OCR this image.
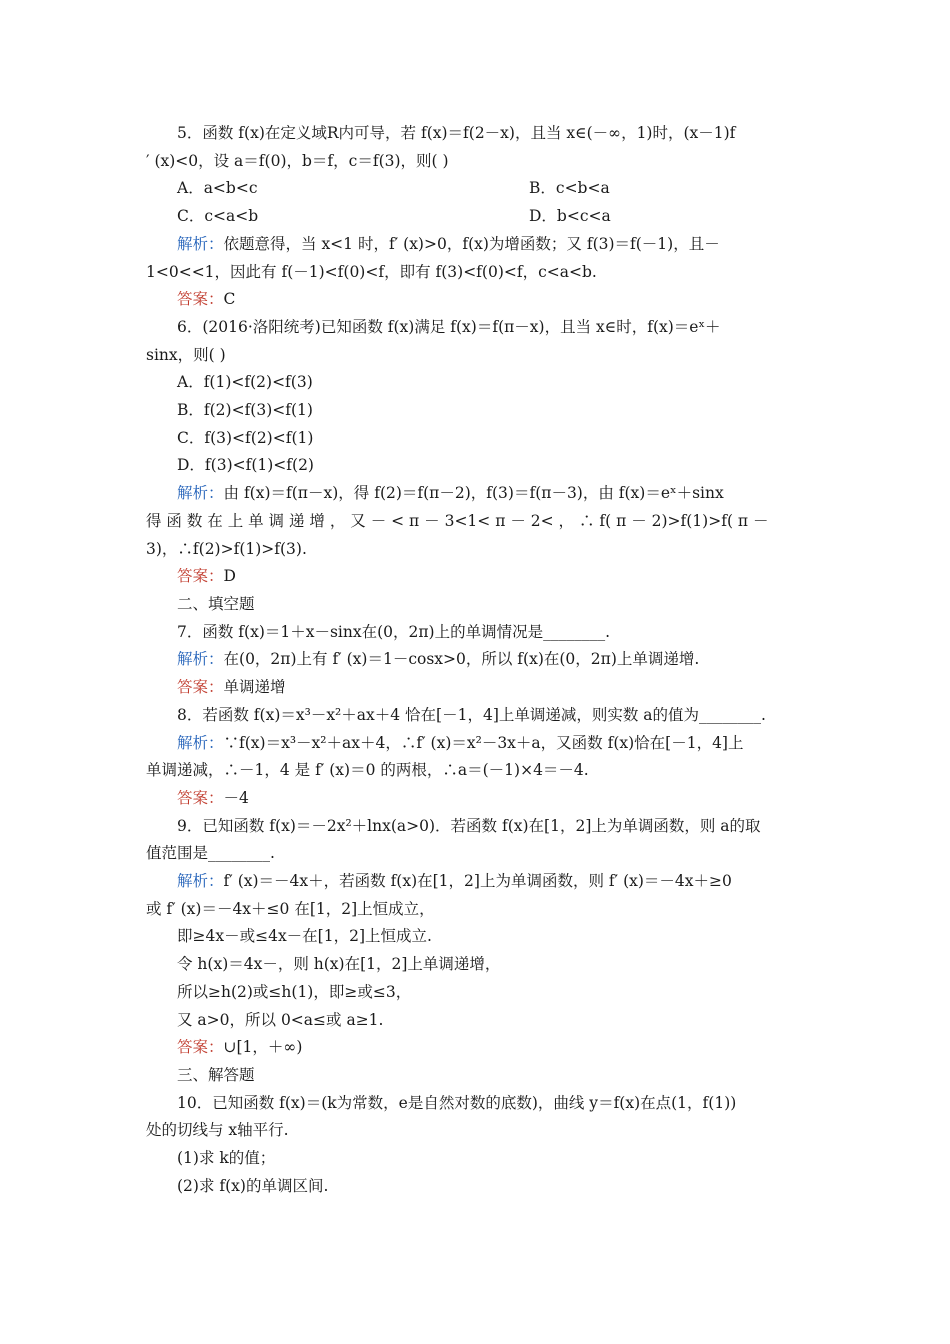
5．函数 f(x)在定义域R内可导，若 f(x)＝f(2－x)，且当 x∈(－∞，1)时，(x－1)f
′ (x)<0，设 a＝f(0)，b＝f，c＝f(3)，则( )
A．a<b<c	B．c<b<a
C．c<a<b	D．b<c<a
解析：依题意得，当 x<1 时，f′ (x)>0，f(x)为增函数；又 f(3)＝f(－1)，且－
1<0<<1，因此有 f(－1)<f(0)<f，即有 f(3)<f(0)<f，c<a<b.
答案：C
6．(2016·洛阳统考)已知函数 f(x)满足 f(x)＝f(π－x)，且当 x∈时，f(x)＝eˣ＋
sinx，则( )
A．f(1)<f(2)<f(3)
B．f(2)<f(3)<f(1)
C．f(3)<f(2)<f(1)
D．f(3)<f(1)<f(2)
解析：由 f(x)＝f(π－x)，得 f(2)＝f(π－2)，f(3)＝f(π－3)，由 f(x)＝eˣ＋sinx
得 函 数 在 上 单 调 递 增 ， 又 － < π － 3<1< π － 2< ， ∴ f( π － 2)>f(1)>f( π －
3)，∴f(2)>f(1)>f(3).
答案：D
二、填空题
7．函数 f(x)＝1＋x－sinx在(0，2π)上的单调情况是________.
解析：在(0，2π)上有 f′ (x)＝1－cosx>0，所以 f(x)在(0，2π)上单调递增.
答案：单调递增
8．若函数 f(x)＝x³－x²＋ax＋4 恰在[－1，4]上单调递减，则实数 a的值为________.
解析：∵f(x)＝x³－x²＋ax＋4，∴f′ (x)＝x²－3x＋a，又函数 f(x)恰在[－1，4]上
单调递减，∴－1，4 是 f′ (x)＝0 的两根，∴a＝(－1)×4＝－4.
答案：－4
9．已知函数 f(x)＝－2x²＋lnx(a>0)．若函数 f(x)在[1，2]上为单调函数，则 a的取
值范围是________.
解析：f′ (x)＝－4x＋，若函数 f(x)在[1，2]上为单调函数，则 f′ (x)＝－4x＋≥0
或 f′ (x)＝－4x＋≤0 在[1，2]上恒成立，
即≥4x－或≤4x－在[1，2]上恒成立.
令 h(x)＝4x－，则 h(x)在[1，2]上单调递增，
所以≥h(2)或≤h(1)，即≥或≤3，
又 a>0，所以 0<a≤或 a≥1.
答案：∪[1，＋∞)
三、解答题
10．已知函数 f(x)＝(k为常数，e是自然对数的底数)，曲线 y＝f(x)在点(1，f(1))
处的切线与 x轴平行.
(1)求 k的值；
(2)求 f(x)的单调区间.
